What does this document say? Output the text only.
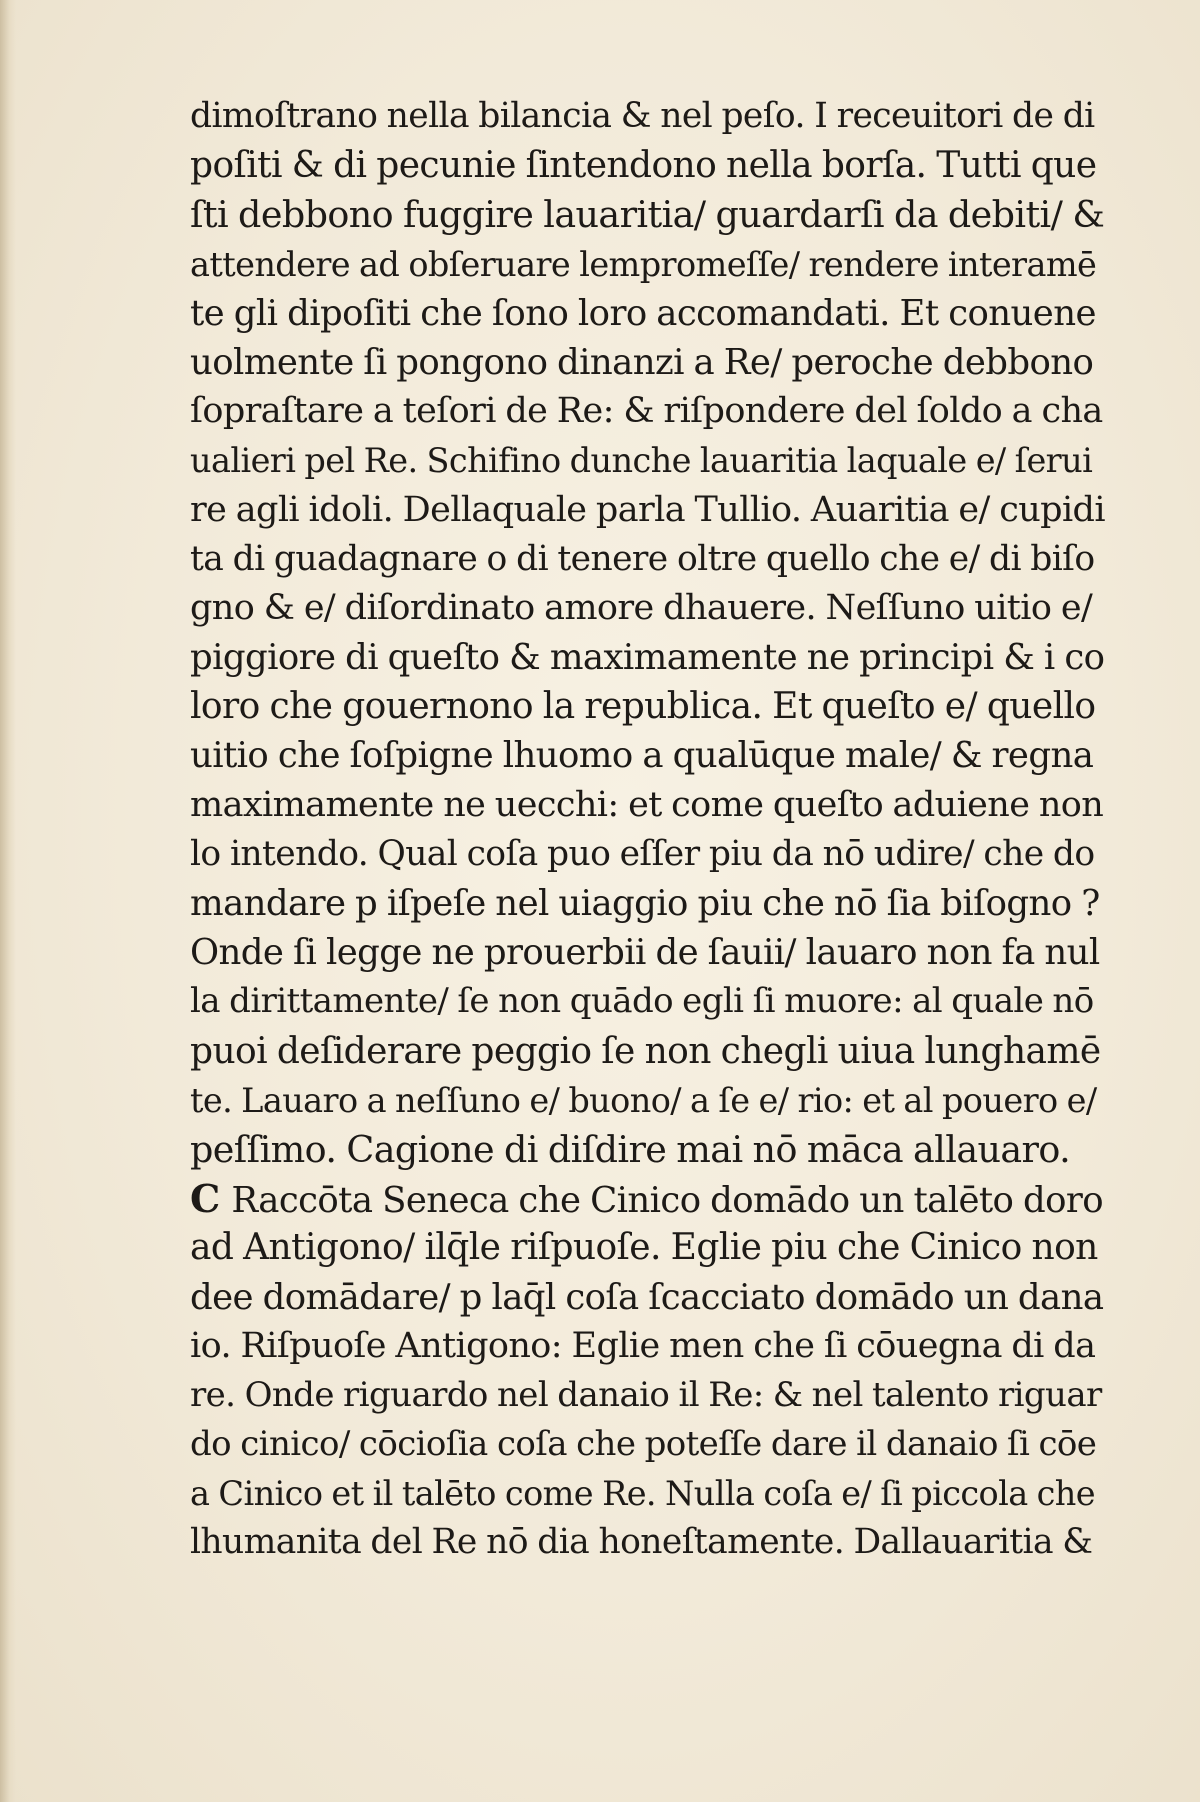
dimoſtrano nella bilancia & nel peſo. I receuitori de di
poſiti & di pecunie ſintendono nella borſa. Tutti que
ſti debbono fuggire lauaritia/ guardarſi da debiti/ &
attendere ad obſeruare lempromeſſe/ rendere interamē
te gli dipoſiti che ſono loro accomandati. Et conuene
uolmente ſi pongono dinanzi a Re/ peroche debbono
ſopraſtare a teſori de Re: & riſpondere del ſoldo a cha
ualieri pel Re. Schifino dunche lauaritia laquale e/ ſerui
re agli idoli. Dellaquale parla Tullio. Auaritia e/ cupidi
ta di guadagnare o di tenere oltre quello che e/ di biſo
gno & e/ diſordinato amore dhauere. Neſſuno uitio e/
piggiore di queſto & maximamente ne principi & i co
loro che gouernono la republica. Et queſto e/ quello
uitio che ſoſpigne lhuomo a qualūque male/ & regna
maximamente ne uecchi: et come queſto aduiene non
lo intendo. Qual coſa puo eſſer piu da nō udire/ che do
mandare p iſpeſe nel uiaggio piu che nō ſia biſogno ?
Onde ſi legge ne prouerbii de ſauii/ lauaro non fa nul
la dirittamente/ ſe non quādo egli ſi muore: al quale nō
puoi deſiderare peggio ſe non chegli uiua lunghamē
te. Lauaro a neſſuno e/ buono/ a ſe e/ rio: et al pouero e/
peſſimo. Cagione di diſdire mai nō māca allauaro.
C Raccōta Seneca che Cinico domādo un talēto doro
ad Antigono/ ilq̄le riſpuoſe. Eglie piu che Cinico non
dee domādare/ p laq̄l coſa ſcacciato domādo un dana
io. Riſpuoſe Antigono: Eglie men che ſi cōuegna di da
re. Onde riguardo nel danaio il Re: & nel talento riguar
do cinico/ cōcioſia coſa che poteſſe dare il danaio ſi cōe
a Cinico et il talēto come Re. Nulla coſa e/ ſi piccola che
lhumanita del Re nō dia honeſtamente. Dallauaritia &
